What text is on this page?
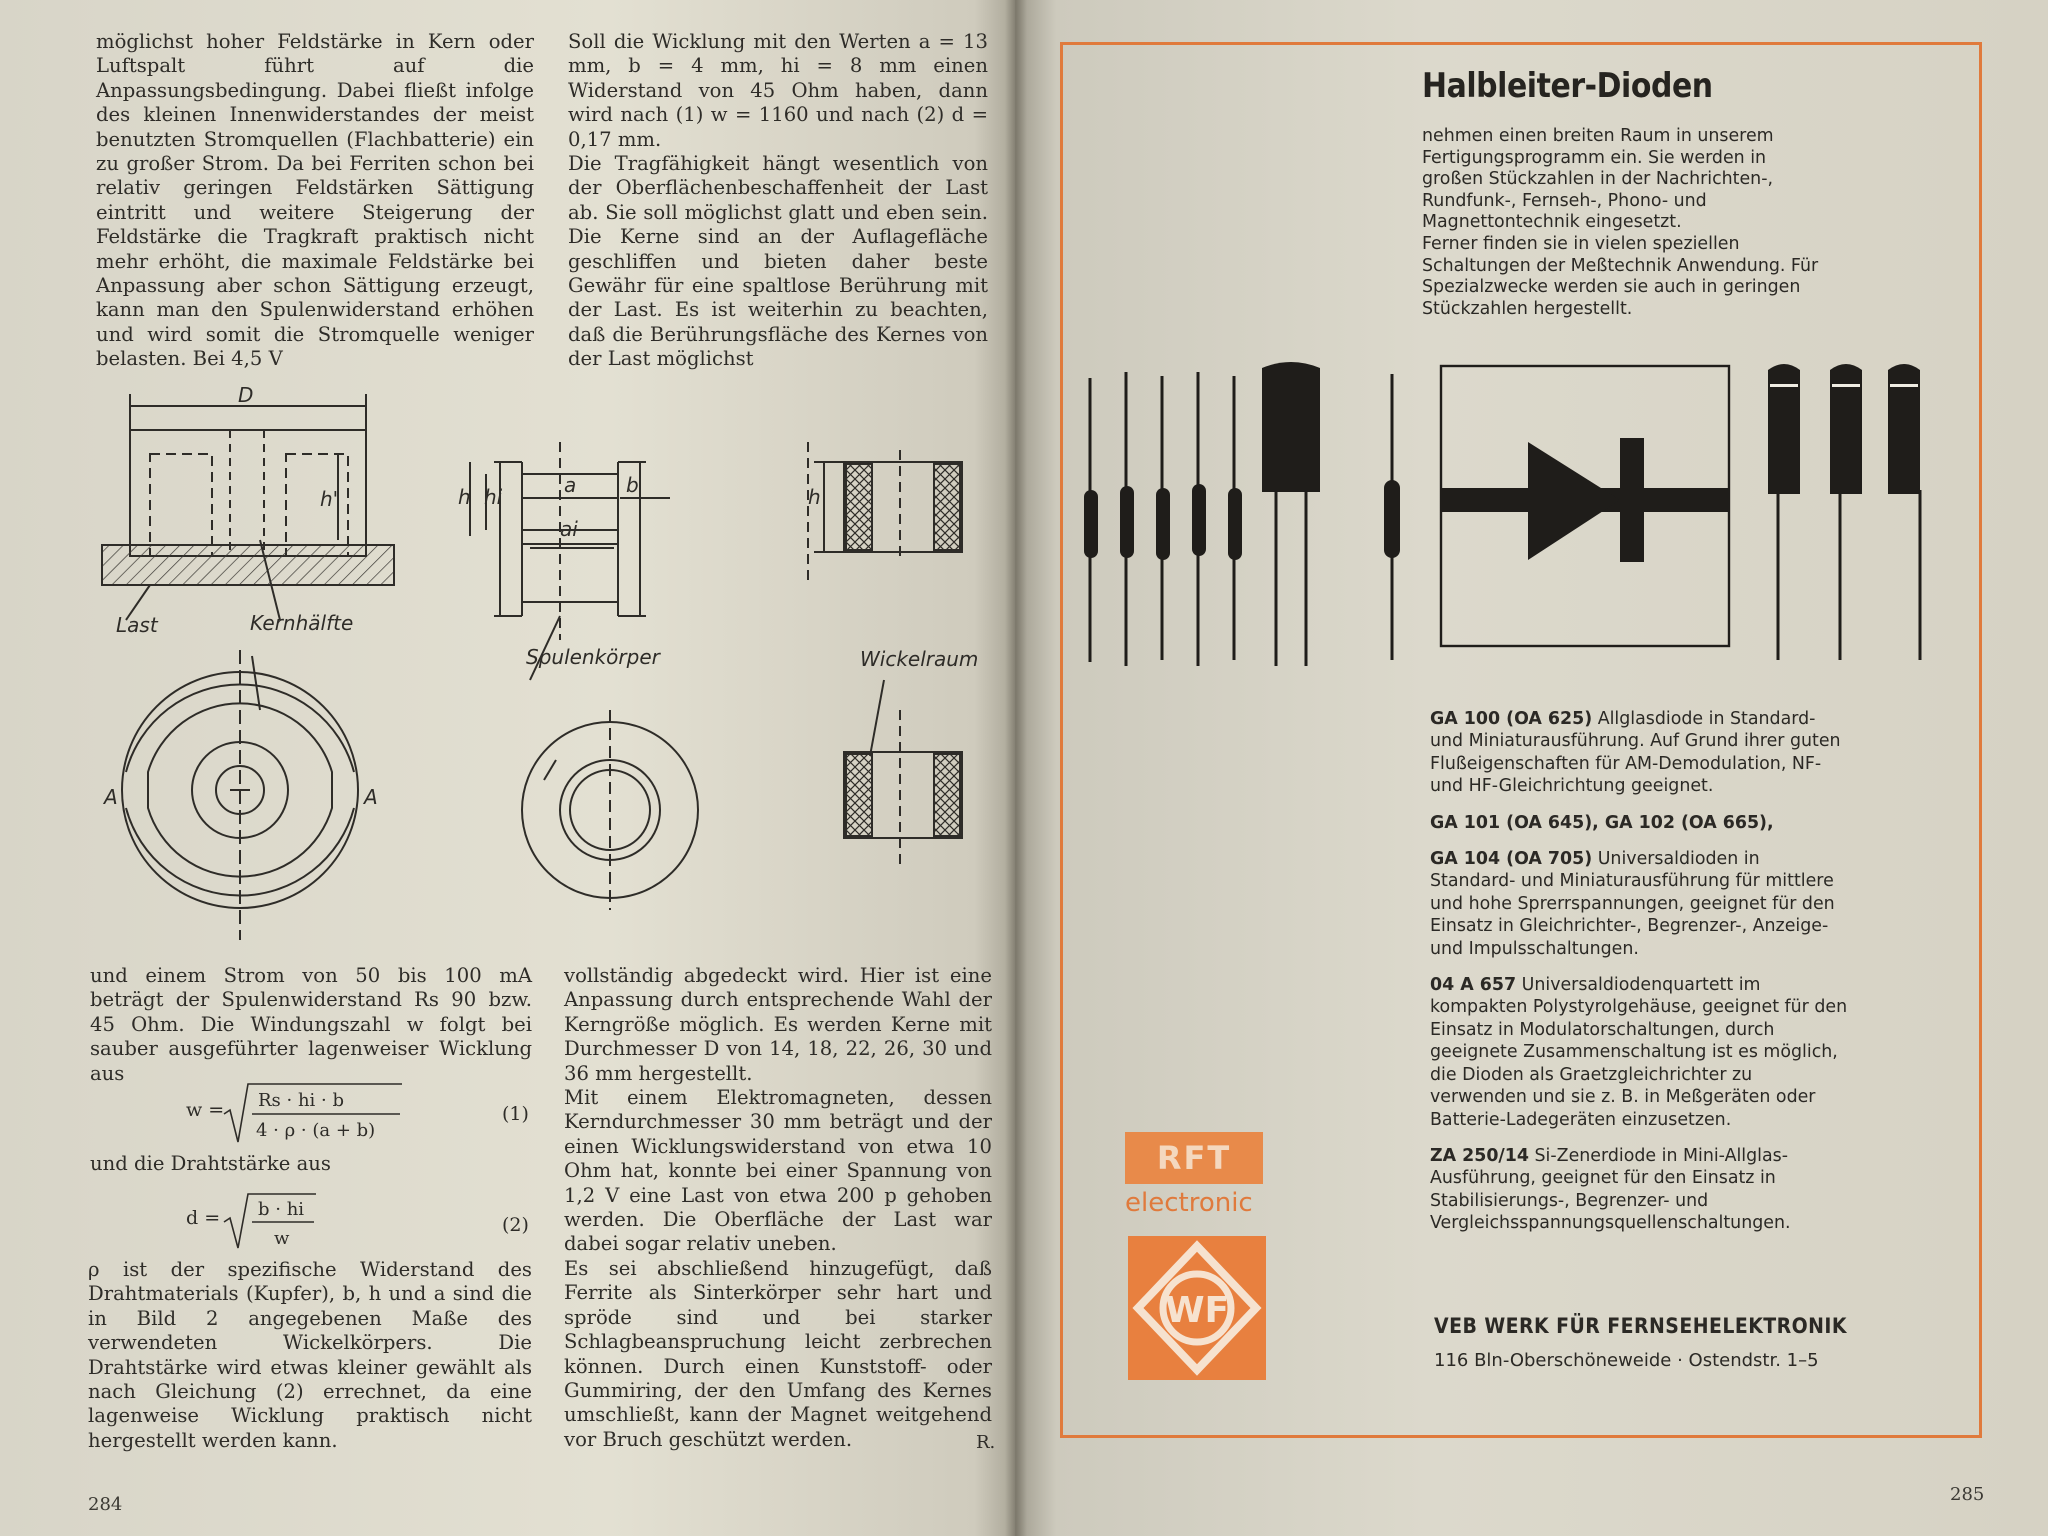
möglichst hoher Feldstärke in Kern oder Luftspalt führt auf die Anpassungsbedingung. Dabei fließt infolge des kleinen Innenwiderstandes der meist benutzten Stromquellen (Flachbatterie) ein zu großer Strom. Da bei Ferriten schon bei relativ geringen Feldstärken Sättigung eintritt und weitere Steigerung der Feldstärke die Tragkraft praktisch nicht mehr erhöht, die maximale Feldstärke bei Anpassung aber schon Sättigung erzeugt, kann man den Spulenwiderstand erhöhen und wird somit die Stromquelle weniger belasten. Bei 4,5 V

Soll die Wicklung mit den Werten a = 13 mm, b = 4 mm, hi = 8 mm einen Widerstand von 45 Ohm haben, dann wird nach (1) w = 1160 und nach (2) d = 0,17 mm.

Die Tragfähigkeit hängt wesentlich von der Oberflächenbeschaffenheit der Last ab. Sie soll möglichst glatt und eben sein. Die Kerne sind an der Auflagefläche geschliffen und bieten daher beste Gewähr für eine spaltlose Berührung mit der Last. Es ist weiterhin zu beachten, daß die Berührungsfläche des Kernes von der Last möglichst

D
h'
Last	Kernhälfte
A	A
h hi	a
ai
b
Spulenkörper
h
Wickelraum

und einem Strom von 50 bis 100 mA beträgt der Spulenwiderstand Rs 90 bzw. 45 Ohm. Die Windungszahl w folgt bei sauber ausgeführter lagenweiser Wicklung aus

w = Rs · hi · b
4 · ρ · (a + b)
(1)

und die Drahtstärke aus

d = b · hi
w
(2)

ρ ist der spezifische Widerstand des Drahtmaterials (Kupfer), b, h und a sind die in Bild 2 angegebenen Maße des verwendeten Wickelkörpers. Die Drahtstärke wird etwas kleiner gewählt als nach Gleichung (2) errechnet, da eine lagenweise Wicklung praktisch nicht hergestellt werden kann.

vollständig abgedeckt wird. Hier ist eine Anpassung durch entsprechende Wahl der Kerngröße möglich. Es werden Kerne mit Durchmesser D von 14, 18, 22, 26, 30 und 36 mm hergestellt.

Mit einem Elektromagneten, dessen Kerndurchmesser 30 mm beträgt und der einen Wicklungswiderstand von etwa 10 Ohm hat, konnte bei einer Spannung von 1,2 V eine Last von etwa 200 p gehoben werden. Die Oberfläche der Last war dabei sogar relativ uneben.

Es sei abschließend hinzugefügt, daß Ferrite als Sinterkörper sehr hart und spröde sind und bei starker Schlagbeanspruchung leicht zerbrechen können. Durch einen Kunststoff- oder Gummiring, der den Umfang des Kernes umschließt, kann der Magnet weitgehend vor Bruch geschützt werden.	R.
284
Halbleiter-Dioden

nehmen einen breiten Raum in unserem Fertigungsprogramm ein. Sie werden in großen Stückzahlen in der Nachrichten-, Rundfunk-, Fernseh-, Phono- und Magnettontechnik eingesetzt.

Ferner finden sie in vielen speziellen Schaltungen der Meßtechnik Anwendung. Für Spezialzwecke werden sie auch in geringen Stückzahlen hergestellt.

GA 100 (OA 625) Allglasdiode in Standard- und Miniaturausführung. Auf Grund ihrer guten Flußeigenschaften für AM-Demodulation, NF- und HF-Gleichrichtung geeignet.

GA 101 (OA 645), GA 102 (OA 665),

GA 104 (OA 705) Universaldioden in Standard- und Miniaturausführung für mittlere und hohe Sprerrspannungen, geeignet für den Einsatz in Gleichrichter-, Begrenzer-, Anzeige- und Impulsschaltungen.

04 A 657 Universaldiodenquartett im kompakten Polystyrolgehäuse, geeignet für den Einsatz in Modulatorschaltungen, durch geeignete Zusammenschaltung ist es möglich, die Dioden als Graetzgleichrichter zu verwenden und sie z. B. in Meßgeräten oder Batterie-Ladegeräten einzusetzen.

ZA 250/14 Si-Zenerdiode in Mini-Allglas-Ausführung, geeignet für den Einsatz in Stabilisierungs-, Begrenzer- und Vergleichsspannungsquellenschaltungen.

RFT
electronic
WF	VEB WERK FÜR FERNSEHELEKTRONIK
116 Bln-Oberschöneweide · Ostendstr. 1–5
285
